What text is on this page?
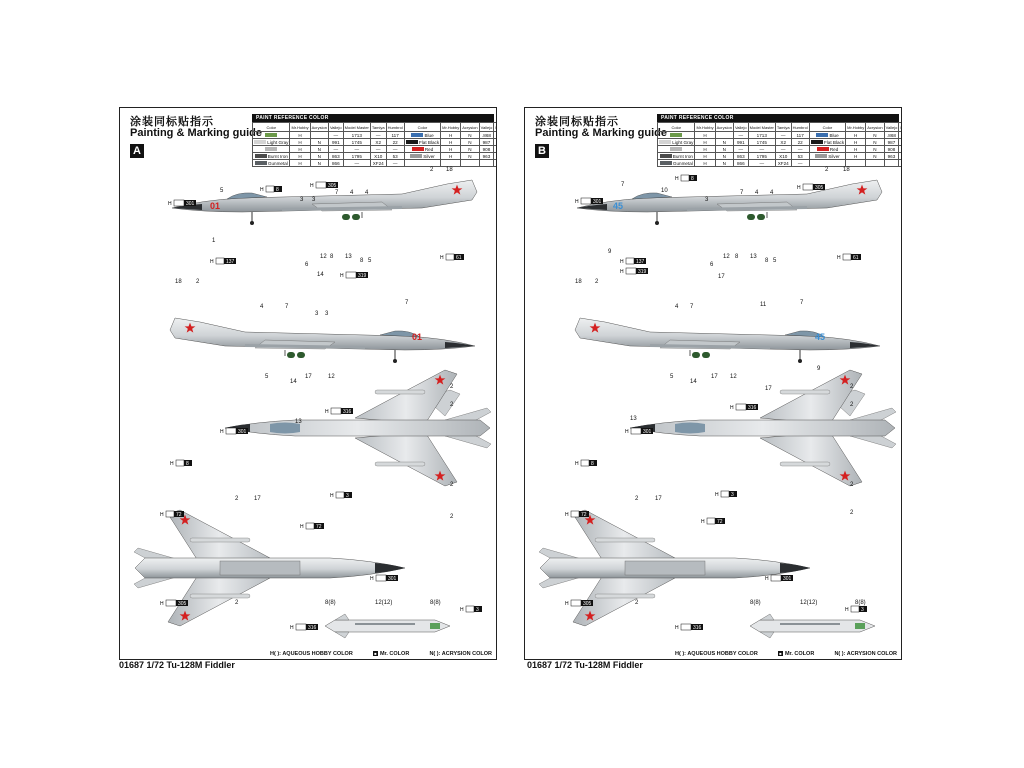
涂装同标贴指示
Painting & Marking guide
A
PAINT REFERENCE COLOR
Color	Mr.Hobby	Acrysion	Vallejo	Model Master	Tamiya	Humbrol	Color	Mr.Hobby	Acrysion	Vallejo			
	H		—	1713	—	117	Blue	H	N	.868			
Light Gray	H	N	991	1745	X2	22	Flat Black	H	N	987			
	H	N	—	—	—	—	Red	H	N	908			
Burnt Iron	H	N	863	1795	X10	53	Silver	H	N	963			
Gunmetal	H	N	866	—	XF24	—							
01
01
8(8)	12(12)	8(8)
H	301
H 8
H	305
H 137
H	319
H 61
H	301
H	316
H 8
H 3
H 72
H 72
H	301
H	305
H	316
H 3
5
3 3
7 4 4
2 18
1
6
12 8 13
8 5
14
18 2
4	7
3 3
7
5
14
17	12
13
2
2
2
2
2	17
2
H( ): AQUEOUS HOBBY COLOR	■ Mr. COLOR	N( ): ACRYSION COLOR
01687 1/72 Tu-128M Fiddler
涂装同标贴指示
Painting & Marking guide
B
PAINT REFERENCE COLOR
Color	Mr.Hobby	Acrysion	Vallejo	Model Master	Tamiya	Humbrol	Color	Mr.Hobby	Acrysion	Vallejo			
	H		—	1713	—	117	Blue	H	N	.868			
Light Gray	H	N	991	1745	X2	22	Flat Black	H	N	987			
	H	N	—	—	—	—	Red	H	N	908			
Burnt Iron	H	N	863	1795	X10	53	Silver	H	N	963			
Gunmetal	H	N	866	—	XF24	—							
45
45
8(8)	12(12)	8(8)
H	301
H 8
H	305
H 137
H	319
H 61
H	301
H	316
H 8
H 3
H 72
H 72
H	301
H	305
H	316
H 3
7
10
3
7 4 4
2 18
9
6
12 8 13
8 5
17
18 2
11
4 7
7
9
5
14
17 12
17
13
2
2
2
2
2	17
2
H( ): AQUEOUS HOBBY COLOR	■ Mr. COLOR	N( ): ACRYSION COLOR
01687 1/72 Tu-128M Fiddler
